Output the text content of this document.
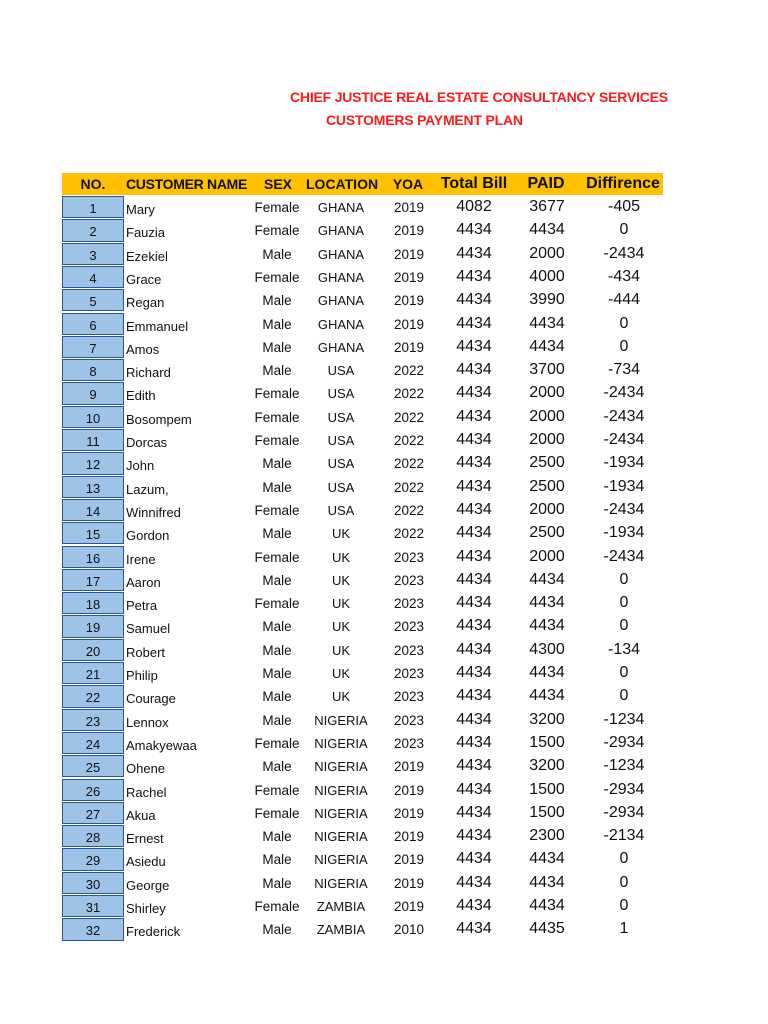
CHIEF JUSTICE REAL ESTATE CONSULTANCY SERVICES
CUSTOMERS PAYMENT PLAN
NO.	CUSTOMER NAME	SEX	LOCATION	YOA	Total Bill	PAID	Diffirence
1	Mary	Female	GHANA	2019	4082	3677	-405
2	Fauzia	Female	GHANA	2019	4434	4434	0
3	Ezekiel	Male	GHANA	2019	4434	2000	-2434
4	Grace	Female	GHANA	2019	4434	4000	-434
5	Regan	Male	GHANA	2019	4434	3990	-444
6	Emmanuel	Male	GHANA	2019	4434	4434	0
7	Amos	Male	GHANA	2019	4434	4434	0
8	Richard	Male	USA	2022	4434	3700	-734
9	Edith	Female	USA	2022	4434	2000	-2434
10	Bosompem	Female	USA	2022	4434	2000	-2434
11	Dorcas	Female	USA	2022	4434	2000	-2434
12	John	Male	USA	2022	4434	2500	-1934
13	Lazum,	Male	USA	2022	4434	2500	-1934
14	Winnifred	Female	USA	2022	4434	2000	-2434
15	Gordon	Male	UK	2022	4434	2500	-1934
16	Irene	Female	UK	2023	4434	2000	-2434
17	Aaron	Male	UK	2023	4434	4434	0
18	Petra	Female	UK	2023	4434	4434	0
19	Samuel	Male	UK	2023	4434	4434	0
20	Robert	Male	UK	2023	4434	4300	-134
21	Philip	Male	UK	2023	4434	4434	0
22	Courage	Male	UK	2023	4434	4434	0
23	Lennox	Male	NIGERIA	2023	4434	3200	-1234
24	Amakyewaa	Female	NIGERIA	2023	4434	1500	-2934
25	Ohene	Male	NIGERIA	2019	4434	3200	-1234
26	Rachel	Female	NIGERIA	2019	4434	1500	-2934
27	Akua	Female	NIGERIA	2019	4434	1500	-2934
28	Ernest	Male	NIGERIA	2019	4434	2300	-2134
29	Asiedu	Male	NIGERIA	2019	4434	4434	0
30	George	Male	NIGERIA	2019	4434	4434	0
31	Shirley	Female	ZAMBIA	2019	4434	4434	0
32	Frederick	Male	ZAMBIA	2010	4434	4435	1
